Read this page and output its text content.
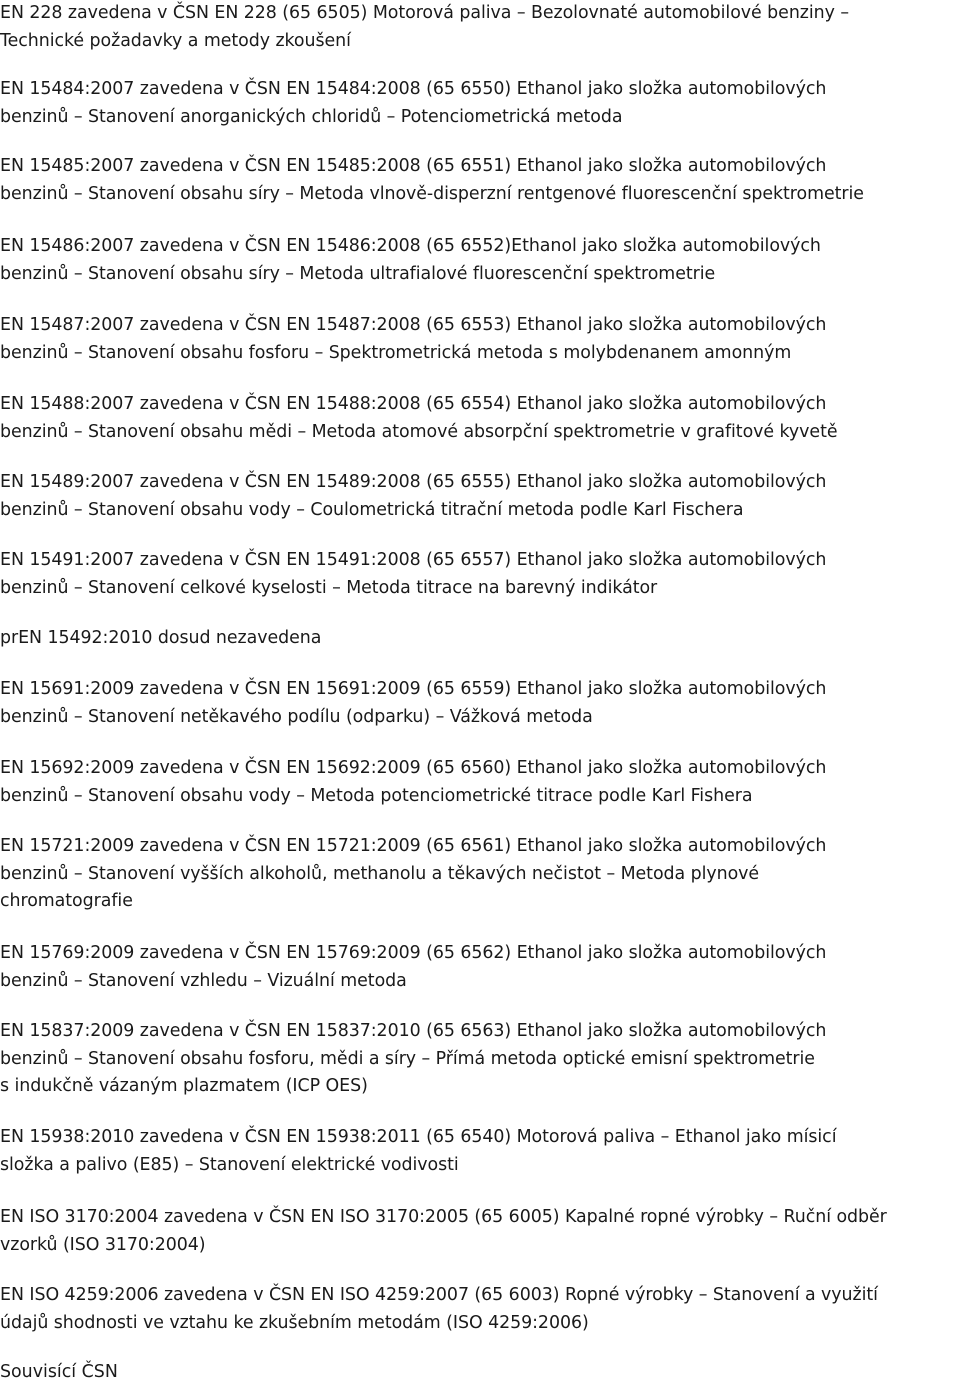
EN 228 zavedena v ČSN EN 228 (65 6505) Motorová paliva – Bezolovnaté automobilové benziny –
Technické požadavky a metody zkoušení
EN 15484:2007 zavedena v ČSN EN 15484:2008 (65 6550) Ethanol jako složka automobilových
benzinů – Stanovení anorganických chloridů – Potenciometrická metoda
EN 15485:2007 zavedena v ČSN EN 15485:2008 (65 6551) Ethanol jako složka automobilových
benzinů – Stanovení obsahu síry – Metoda vlnově-disperzní rentgenové fluorescenční spektrometrie
EN 15486:2007 zavedena v ČSN EN 15486:2008 (65 6552)Ethanol jako složka automobilových
benzinů – Stanovení obsahu síry – Metoda ultrafialové fluorescenční spektrometrie
EN 15487:2007 zavedena v ČSN EN 15487:2008 (65 6553) Ethanol jako složka automobilových
benzinů – Stanovení obsahu fosforu – Spektrometrická metoda s molybdenanem amonným
EN 15488:2007 zavedena v ČSN EN 15488:2008 (65 6554) Ethanol jako složka automobilových
benzinů – Stanovení obsahu mědi – Metoda atomové absorpční spektrometrie v grafitové kyvetě
EN 15489:2007 zavedena v ČSN EN 15489:2008 (65 6555) Ethanol jako složka automobilových
benzinů – Stanovení obsahu vody – Coulometrická titrační metoda podle Karl Fischera
EN 15491:2007 zavedena v ČSN EN 15491:2008 (65 6557) Ethanol jako složka automobilových
benzinů – Stanovení celkové kyselosti – Metoda titrace na barevný indikátor
prEN 15492:2010 dosud nezavedena
EN 15691:2009 zavedena v ČSN EN 15691:2009 (65 6559) Ethanol jako složka automobilových
benzinů – Stanovení netěkavého podílu (odparku) – Vážková metoda
EN 15692:2009 zavedena v ČSN EN 15692:2009 (65 6560) Ethanol jako složka automobilových
benzinů – Stanovení obsahu vody – Metoda potenciometrické titrace podle Karl Fishera
EN 15721:2009 zavedena v ČSN EN 15721:2009 (65 6561) Ethanol jako složka automobilových
benzinů – Stanovení vyšších alkoholů, methanolu a těkavých nečistot – Metoda plynové
chromatografie
EN 15769:2009 zavedena v ČSN EN 15769:2009 (65 6562) Ethanol jako složka automobilových
benzinů – Stanovení vzhledu – Vizuální metoda
EN 15837:2009 zavedena v ČSN EN 15837:2010 (65 6563) Ethanol jako složka automobilových
benzinů – Stanovení obsahu fosforu, mědi a síry – Přímá metoda optické emisní spektrometrie
s indukčně vázaným plazmatem (ICP OES)
EN 15938:2010 zavedena v ČSN EN 15938:2011 (65 6540) Motorová paliva – Ethanol jako mísicí
složka a palivo (E85) – Stanovení elektrické vodivosti
EN ISO 3170:2004 zavedena v ČSN EN ISO 3170:2005 (65 6005) Kapalné ropné výrobky – Ruční odběr
vzorků (ISO 3170:2004)
EN ISO 4259:2006 zavedena v ČSN EN ISO 4259:2007 (65 6003) Ropné výrobky – Stanovení a využití
údajů shodnosti ve vztahu ke zkušebním metodám (ISO 4259:2006)
Souvisící ČSN
